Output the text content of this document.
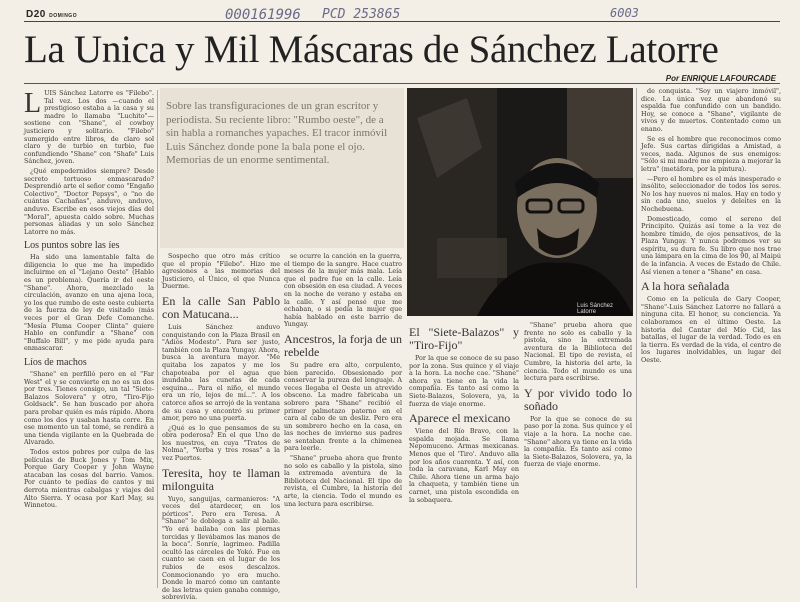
D20 DOMINGO	000161996 PCD 253865	6003
La Unica y Mil Máscaras de Sánchez Latorre
Por ENRIQUE LAFOURCADE

LUIS Sánchez Latorre es "Filebo". Tal vez. Los dos —cuando el prestigioso estaba a la casa y su madre lo llamaba "Luchito"— sostiene con "Shane", el cowboy justiciero y solitario. "Filebo" sumergido entre libros, de claro sol claro y de turbio en turbio, fue confundiendo "Shane" con "Shafe" Luis Sánchez, joven.

¿Qué empedernidos siempre? Desde secreto tortuoso enmascarado? Desprendió arte el señor como "Engaño Colectivo", "Doctor Pepsys", o "no de cuántas Cachañas", anduvo, anduvo, anduvo. Escribe en esos viejos días del "Moral", apuesta caldo sobre. Muchas personas aliadas y un solo Sánchez Latorre no más.

Los puntos sobre las íes

Ha sido una lamentable falta de diligencia lo que me ha impedido incluirme en el "Lejano Oeste" (Hablo es un problema). Quería ir del oeste "Shane". Ahora, mezclado la circulación, avanzo en una ajena loca, yo los que rumbo de este oeste cubierta de la fuerza de ley de visitado (más veces por el Gran Defe Comanche. "Mesía Pluma Cooper Clinta" quiere Hablo en confundir a "Shane" con "Buffalo Bill", y me pide ayuda para enmascarar.

Líos de machos

"Shane" en perfilló pero en el "Far West" el y se convierte en no es un dos por tres. Tienes consigo, un tal "Siete-Balazos Solovera" y otro, "Tiro-Fijo Goldsack". Se han buscado por ahora para probar quién es más rápido. Ahora como los dos y usaban hasta corre. En ese momento un tal tomé, se rendirá a una tienda vigilante en la Quebrada de Alvarado.

Todos estos pobres por culpa de las películas de Buck Jones y Tom Mix, Porque Gary Cooper y John Wayne atacaban las cosas del barrio. Vamos. Por cuánto te pedías de cantos y mi derrota mientras cabalgas y viajes del Alto Sierra. Y ocasa por Karl May, su Winnetou.

Sobre las transfiguraciones de un gran escritor y periodista. Su reciente libro: "Rumbo oeste", de a sin habla a romanches yapaches. El tracor inmóvil Luis Sánchez donde pone la bala pone el ojo. Memorias de un enorme sentimental.

Sospecho que otro más crítico que el propio "Filebo". Hizo me agresiones a las memorias del Justiciero, el Único, el que Nunca Duerme.

En la calle San Pablo con Matucana...

Luis Sánchez anduvo conquistando con la Plaza Brasil en "Adiós Modesto". Para ser justo, también con la Plaza Yungay. Ahora, busca la aventura mayor. "Me quitaba los zapatos y me los chapoteaba por el agua que inundaba las cunetas de cada esquina... Para el niño, el mundo era un río, lejos de mí...". A los catorce años se arrojó de la ventana de su casa y encontró su primer amor, pero no una puerta.

¿Qué es lo que pensamos de su obra poderosa? En el que Uno de los nuestros, en cuya "Tratos de Nolma", "Yerba y tres rosas" a la vez Puertos.

Teresita, hoy te llaman milonguita

Yuyo, sanguijas, carmanieros: "A veces del atardecer, en los pórticos". Pero era Teresa. A "Shane" le doblega a salir al baile. "Yo erá bailaba con las piernas torcidas y llevábamos las manos de la boca". Sonríe, lagrimeo. Padilla ocultó las cárceles de Yokó. Fue en cuanto se caen en el lugar de los rubios de esos descalzos. Conmocionando yo era mucho. Donde lo marcó como un cantante de las letras quien ganaba conmigo, sobrevivía.

se ocurre la canción en la guerra, el tiempo de la sangre. Hace cuatro meses de la mujer más mala. Leía que el padre fue en la calle. Leía con obsesión en esa ciudad. A veces en la noche de verano y estaba en la calle. Y así pensé que me echaban, o si pedía la mujer que había hablado en este barrio de Yungay.

Ancestros, la forja de un rebelde

Su padre era alto, corpulento, bien parecido. Obsesionado por conservar la pureza del lenguaje. A veces llegaba el Oeste un atrevido obsceno. La madre fabricaba un sobrero para "Shane" recibió el primer palmetazo paterno en el cara al cabo de un desliz. Pero era un sombrero hecho en la casa, en las noches de invierno sus padres se sentaban frente a la chimenea para leerle.

"Shane" prueba ahora que frente no solo es caballo y la pistola, sino la extremada aventura de la Biblioteca del Nacional. El tipo de revista, el Cumbre, la historia del arte, la ciencia. Todo el mundo es una lectura para escribirse.

Luis Sánchez Latorre
El "Siete-Balazos" y "Tiro-Fijo"

Por la que se conoce de su paso por la zona. Sus quince y el viaje a la hora. La noche cae. "Shane" ahora ya tiene en la vida la compañía. Es tanto así como la Siete-Balazos, Solovera, ya, la fuerza de viaje enorme.

Aparece el mexicano

Viene del Río Bravo, con la espalda mojada. Se llama Nepomuceno. Armas mexicanas. Menos que el 'Tiro'. Anduvo alla por los años cuarenta. Y así, con toda la caravana, Karl May en Chile. Ahora tiene un arma bajo la chaqueta, y también tiene un carnet, una pistola escondida en la sobaquera.

"Shane" prueba ahora que frente no solo es caballo y la pistola, sino la extremada aventura de la Biblioteca del Nacional. El tipo de revista, el Cumbre, la historia del arte, la ciencia. Todo el mundo es una lectura para escribirse.

Y por vivido todo lo soñado

Por la que se conoce de su paso por la zona. Sus quince y el viaje a la hora. La noche cae. "Shane" ahora ya tiene en la vida la compañía. Es tanto así como la Siete-Balazos, Solovera, ya, la fuerza de viaje enorme.

de conquista. "Soy un viajero inmóvil", dice. La única vez que abandonó su espalda fue confundido con un bandido. Hoy, se conoce a "Shane", vigilante de vivos y de muertos. Contentado como un enano.

Se es el hombre que reconocimos como Jefe. Sus cartas dirigidas a Amistad, a veces, nada. Algunos de sus enemigos: "Sólo si mi madre me empieza a mejorar la letra" (metáfora, por la pintura).

—Pero el hombre es el más inesperado e insólito, seleccionador de todos los seres. No los hay nuevos ni malos. Hay en todo y sin cada uno, suelos y deleites en la Nochebuena.

Domesticado, como el sereno del Principito. Quizás así tome a la vez de hombre tímido, de ojos pensativos, de la Plaza Yungay. Y nunca podremos ver su espíritu, su dura fe. Su libro que nos trae una lámpara en la cima de los 90, al Maipú de la infancia. A veces de Estado de Chile. Así vienen a tener a "Shane" en casa.

A la hora señalada

Como en la película de Gary Cooper, "Shane"-Luis Sánchez Latorre no fallará a ninguna cita. El honor, su conciencia. Ya colaboramos en el último Oeste. La historia del Cantar del Mío Cid, las batallas, el lugar de la verdad. Todo es en la tierra. Es verdad de la vida, el centro de los lugares inolvidables, un lugar del Oeste.
